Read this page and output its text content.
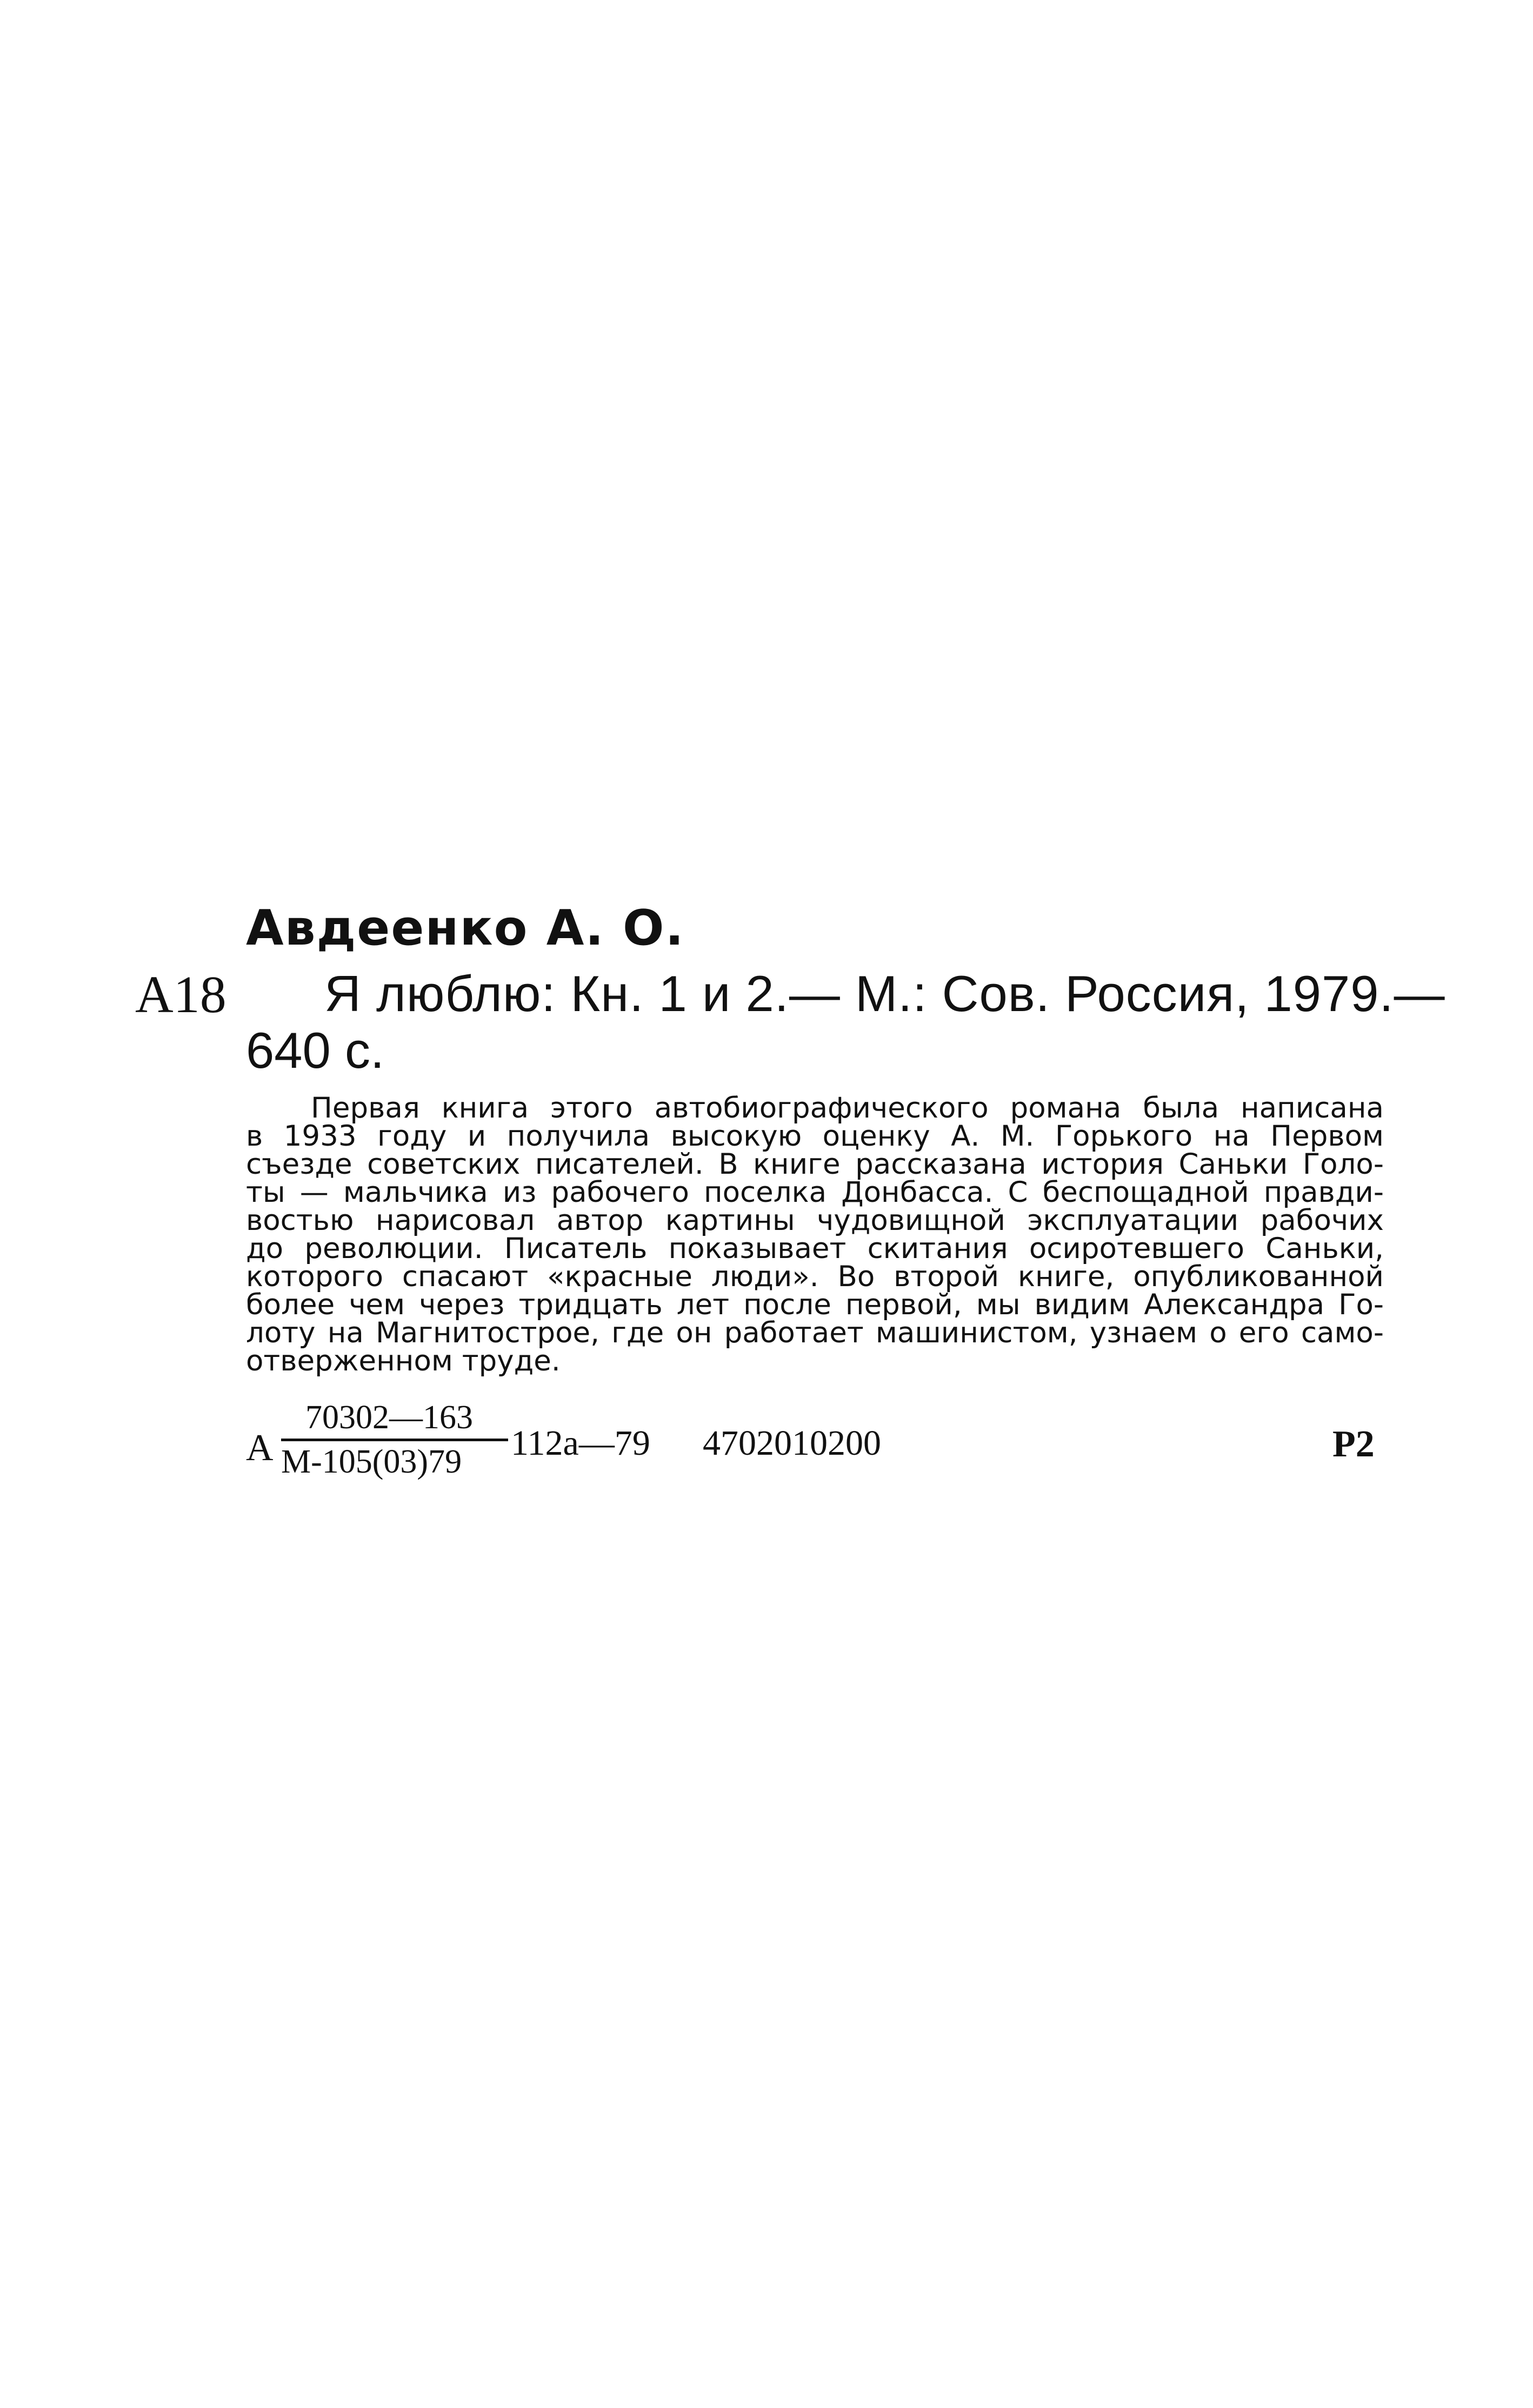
Авдеенко А. О.
А18 Я люблю: Кн. 1 и 2.— М.: Сов. Россия, 1979.—
640 с.
Первая книга этого автобиографического романа была написана
в 1933 году и получила высокую оценку А. М. Горького на Первом
съезде советских писателей. В книге рассказана история Саньки Голо-
ты — мальчика из рабочего поселка Донбасса. С беспощадной правди-
востью нарисовал автор картины чудовищной эксплуатации рабочих
до революции. Писатель показывает скитания осиротевшего Саньки,
которого спасают «красные люди». Во второй книге, опубликованной
более чем через тридцать лет после первой, мы видим Александра Го-
лоту на Магнитострое, где он работает машинистом, узнаем о его само-
отверженном труде.
А
70302—163
М-105(03)79 112а—79 4702010200	Р2
